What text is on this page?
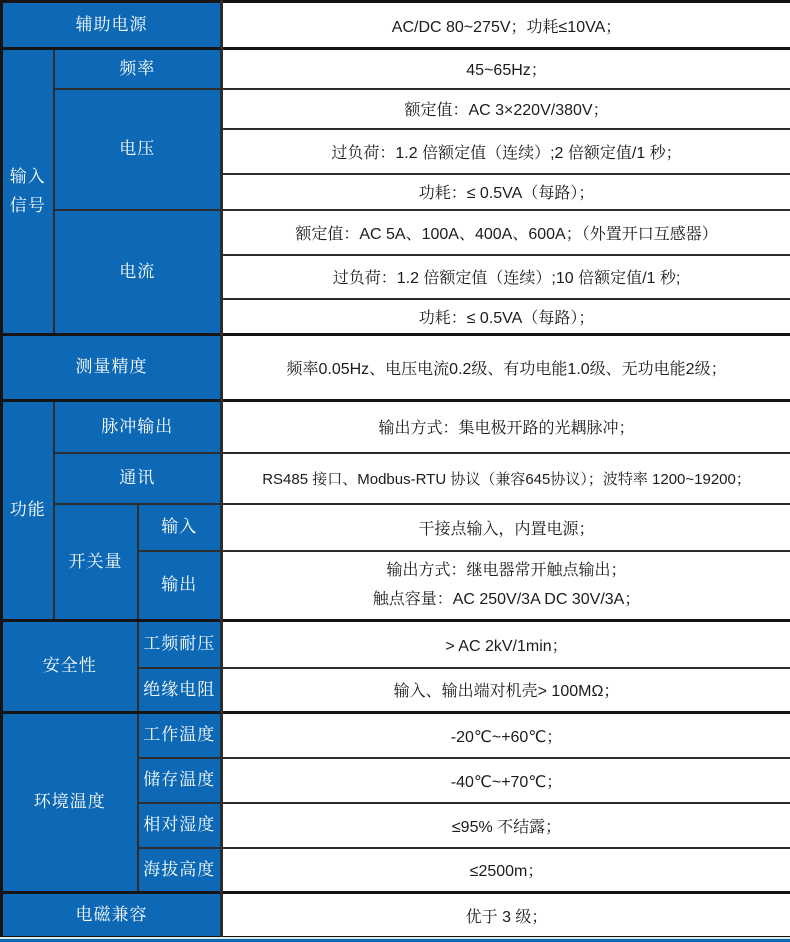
辅助电源			AC/DC 80~275V；功耗≤10VA；
输入信号	频率		45~65Hz；
	电压		额定值：AC 3×220V/380V；
			过负荷：1.2 倍额定值（连续）;2 倍额定值/1 秒；
			功耗：≤ 0.5VA（每路）；
	电流		额定值：AC 5A、100A、400A、600A；（外置开口互感器）
			过负荷：1.2 倍额定值（连续）;10 倍额定值/1 秒;
			功耗：≤ 0.5VA（每路）；
测量精度			频率0.05Hz、电压电流0.2级、有功电能1.0级、无功电能2级；
功能	脉冲输出		输出方式：集电极开路的光耦脉冲；
	通讯		RS485 接口、Modbus-RTU 协议（兼容645协议）；波特率 1200~19200；
	开关量	输入	干接点输入，内置电源；
		输出	输出方式：继电器常开触点输出；
触点容量：AC 250V/3A DC 30V/3A；

安全性		工频耐压	> AC 2kV/1min；
		绝缘电阻	输入、输出端对机壳> 100MΩ；
环境温度		工作温度	-20℃~+60℃；
		储存温度	-40℃~+70℃；
		相对湿度	≤95% 不结露；
		海拔高度	≤2500m；
电磁兼容			优于 3 级；
